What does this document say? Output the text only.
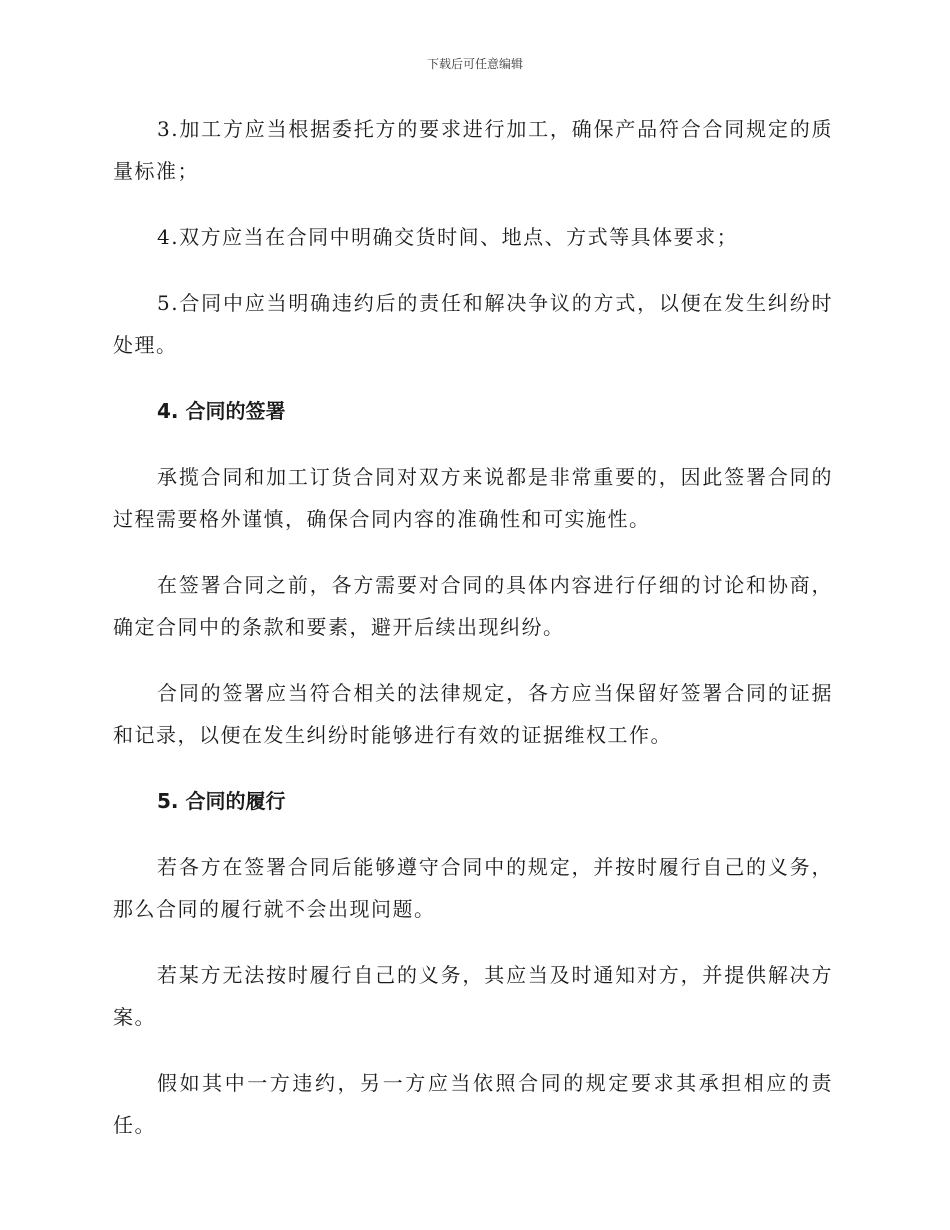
下载后可任意编辑

3.加工方应当根据委托方的要求进行加工，确保产品符合合同规定的质量标准；

4.双方应当在合同中明确交货时间、地点、方式等具体要求；

5.合同中应当明确违约后的责任和解决争议的方式，以便在发生纠纷时处理。

4. 合同的签署

承揽合同和加工订货合同对双方来说都是非常重要的，因此签署合同的过程需要格外谨慎，确保合同内容的准确性和可实施性。

在签署合同之前，各方需要对合同的具体内容进行仔细的讨论和协商，确定合同中的条款和要素，避开后续出现纠纷。

合同的签署应当符合相关的法律规定，各方应当保留好签署合同的证据和记录，以便在发生纠纷时能够进行有效的证据维权工作。

5. 合同的履行

若各方在签署合同后能够遵守合同中的规定，并按时履行自己的义务，那么合同的履行就不会出现问题。

若某方无法按时履行自己的义务，其应当及时通知对方，并提供解决方案。

假如其中一方违约，另一方应当依照合同的规定要求其承担相应的责任。
